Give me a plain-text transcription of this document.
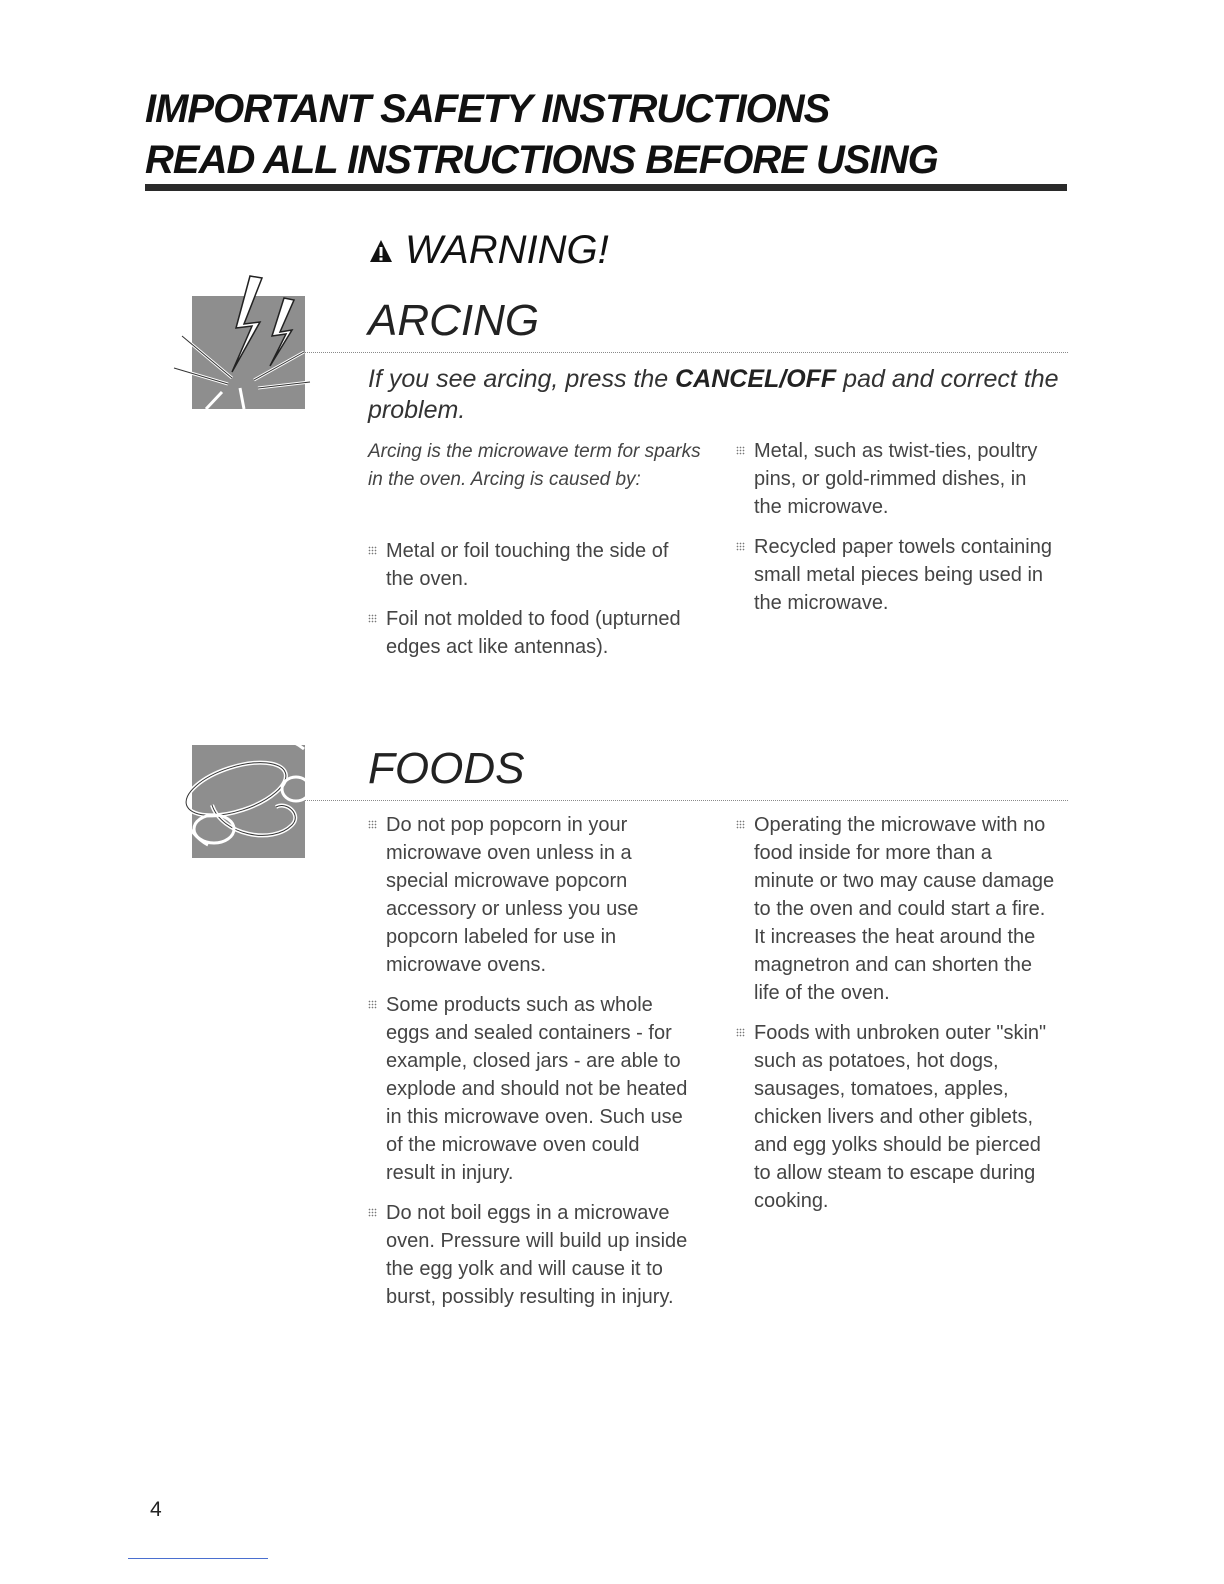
IMPORTANT SAFETY INSTRUCTIONS
READ ALL INSTRUCTIONS BEFORE USING
WARNING!
ARCING
If you see arcing, press the CANCEL/OFF pad and correct the problem.
Arcing is the microwave term for sparks in the oven. Arcing is caused by:
Metal or foil touching the side of the oven.
Foil not molded to food (upturned edges act like antennas).
Metal, such as twist-ties, poultry pins, or gold-rimmed dishes, in the microwave.
Recycled paper towels containing small metal pieces being used in the microwave.
FOODS
Do not pop popcorn in your microwave oven unless in a special microwave popcorn accessory or unless you use popcorn labeled for use in microwave ovens.
Some products such as whole eggs and sealed containers - for example, closed jars - are able to explode and should not be heated in this microwave oven. Such use of the microwave oven could result in injury.
Do not boil eggs in a microwave oven. Pressure will build up inside the egg yolk and will cause it to burst, possibly resulting in injury.
Operating the microwave with no food inside for more than a minute or two may cause damage to the oven and could start a fire. It increases the heat around the magnetron and can shorten the life of the oven.
Foods with unbroken outer "skin" such as potatoes, hot dogs, sausages, tomatoes, apples, chicken livers and other giblets, and egg yolks should be pierced to allow steam to escape during cooking.
4
